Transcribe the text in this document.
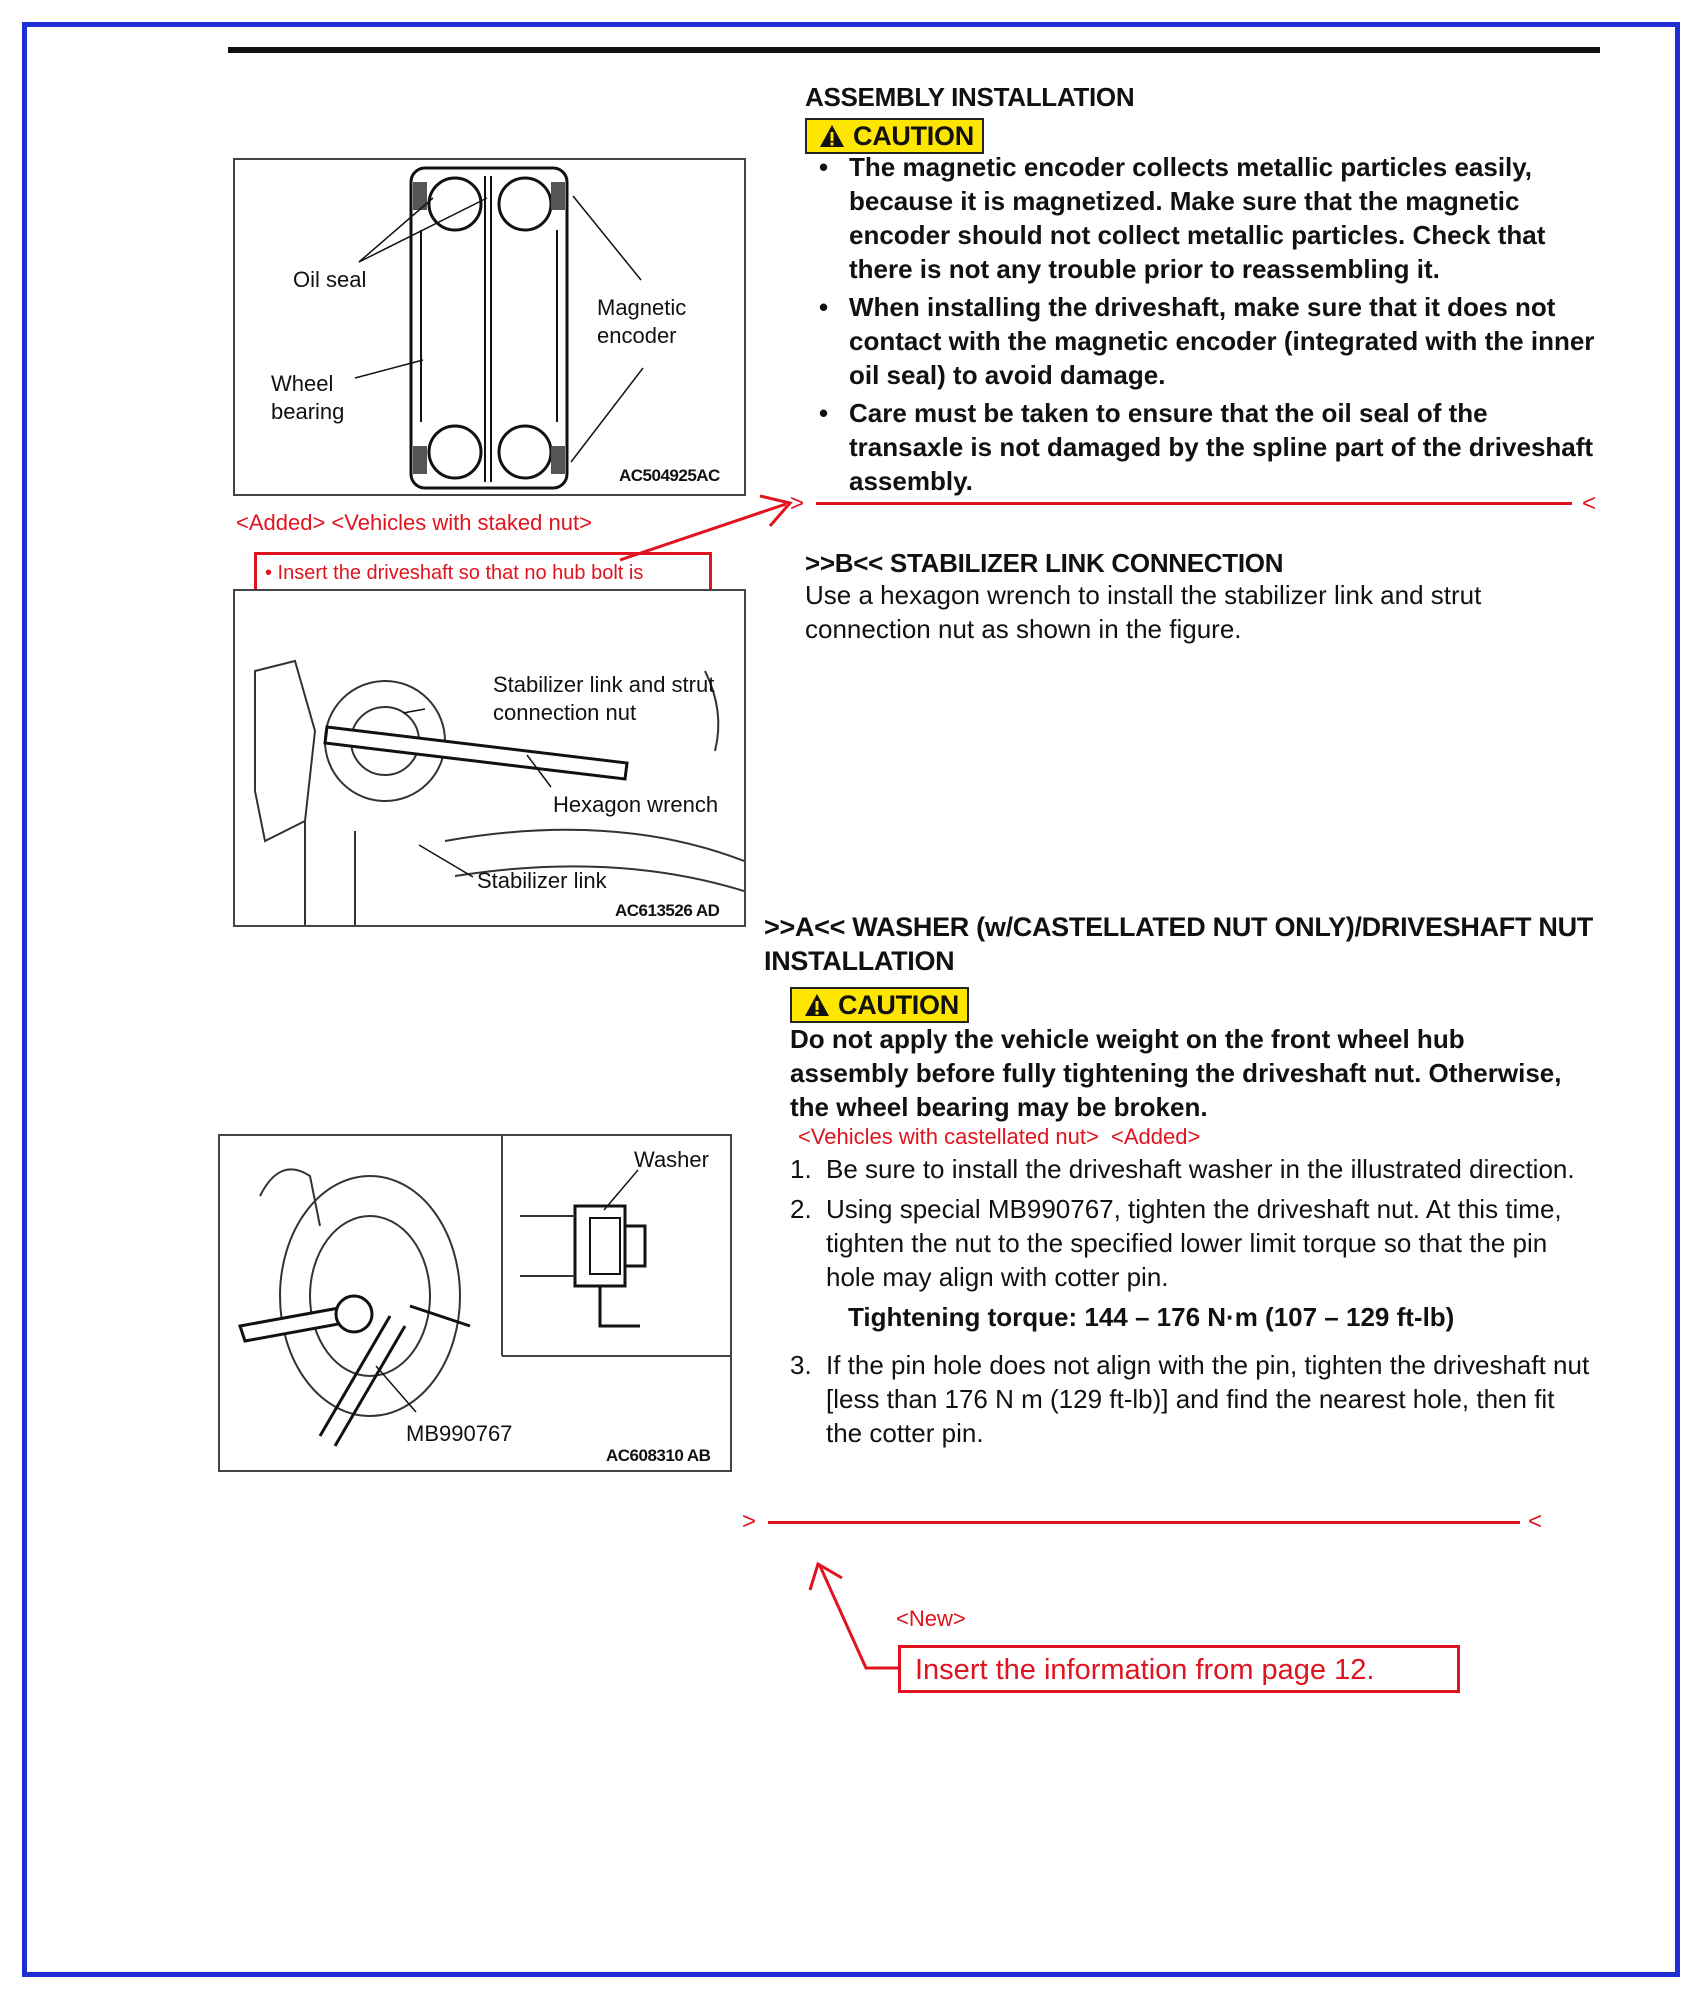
Oil seal
Magnetic encoder
Wheel bearing
AC504925AC
ASSEMBLY INSTALLATION
CAUTION
• The magnetic encoder collects metallic particles easily, because it is magnetized. Make sure that the magnetic encoder should not collect metallic particles. Check that there is not any trouble prior to reassembling it.
• When installing the driveshaft, make sure that it does not contact with the magnetic encoder (integrated with the inner oil seal) to avoid damage.
• Care must be taken to ensure that the oil seal of the transaxle is not damaged by the spline part of the driveshaft assembly.
>	<
<Added> <Vehicles with staked nut>
• Insert the driveshaft so that no hub bolt is
Stabilizer link and strut connection nut
Hexagon wrench
Stabilizer link
AC613526 AD
>>B<< STABILIZER LINK CONNECTION
Use a hexagon wrench to install the stabilizer link and strut connection nut as shown in the figure.
>>A<< WASHER (w/CASTELLATED NUT ONLY)/DRIVESHAFT NUT INSTALLATION
CAUTION
Do not apply the vehicle weight on the front wheel hub assembly before fully tightening the driveshaft nut. Otherwise, the wheel bearing may be broken.
<Vehicles with castellated nut> <Added>
1. Be sure to install the driveshaft washer in the illustrated direction.
2. Using special MB990767, tighten the driveshaft nut. At this time, tighten the nut to the specified lower limit torque so that the pin hole may align with cotter pin.
Tightening torque: 144 – 176 N·m (107 – 129 ft-lb)
3. If the pin hole does not align with the pin, tighten the driveshaft nut [less than 176 N m (129 ft-lb)] and find the nearest hole, then fit the cotter pin.
Washer
MB990767
AC608310 AB
>	<
<New>
Insert the information from page 12.
